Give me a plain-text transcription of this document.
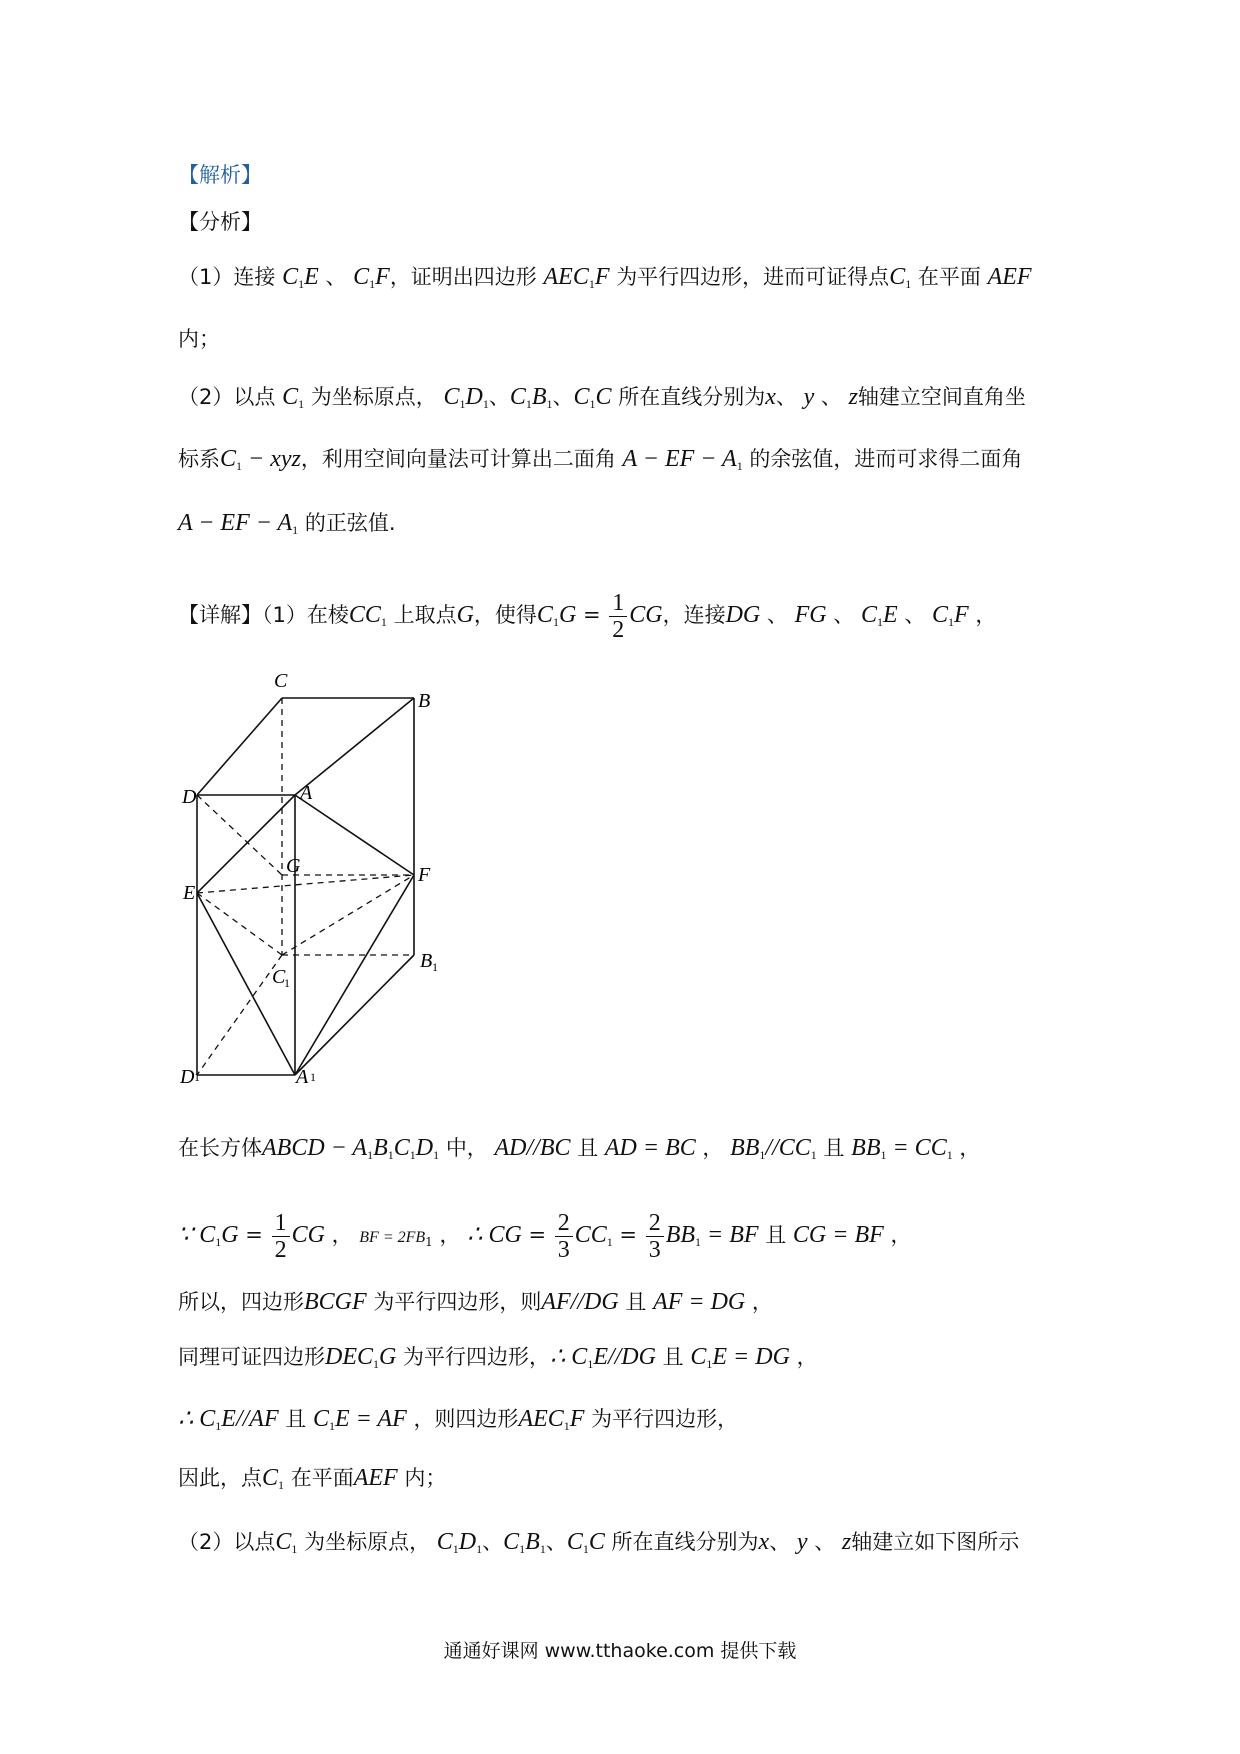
【解析】
【分析】
（1）连接 $C_1E$ 、 $C_1F$，证明出四边形 $AEC_1F$ 为平行四边形，进而可证得点$C_1$ 在平面 AEF
内；
（2）以点 $C_1$ 为坐标原点， $C_1D_1$、$C_1B_1$、$C_1C$ 所在直线分别为x、 y 、 z轴建立空间直角坐
标系$C_1$ − xyz，利用空间向量法可计算出二面角 A − EF − $A_1$ 的余弦值，进而可求得二面角
A − EF − $A_1$ 的正弦值.
【详解】（1）在棱$CC_1$ 上取点G，使得$C_1G = \frac{1}{2}$ CG，连接DG 、 FG 、 $C_1E$ 、 $C_1F$ ，
C
B
D	A
G
E
F
C
1
B 1
D 1	A 1
在长方体ABCD − $A_1B_1C_1D_1$ 中， AD//BC 且 AD = BC ， $BB_1//CC_1$ 且 $BB_1 = CC_1$ ，
∵ $C_1G = \frac{1}{2}$ CG ， BF = $2FB_1$ ， ∴ CG = $\frac{2}{3} CC_1 = \frac{2}{3} BB_1$ = BF 且 CG = BF ，
所以，四边形BCGF 为平行四边形，则AF//DG 且 AF = DG ，
同理可证四边形$DEC_1G$ 为平行四边形，∴ $C_1E//DG$ 且 $C_1E$ = DG ，
∴ $C_1E//AF$ 且 $C_1E$ = AF ，则四边形$AEC_1F$ 为平行四边形，
因此，点$C_1$ 在平面AEF 内；
（2）以点$C_1$ 为坐标原点， $C_1D_1$、$C_1B_1$、$C_1C$ 所在直线分别为x、 y 、 z轴建立如下图所示
通通好课网 www.tthaoke.com 提供下载
